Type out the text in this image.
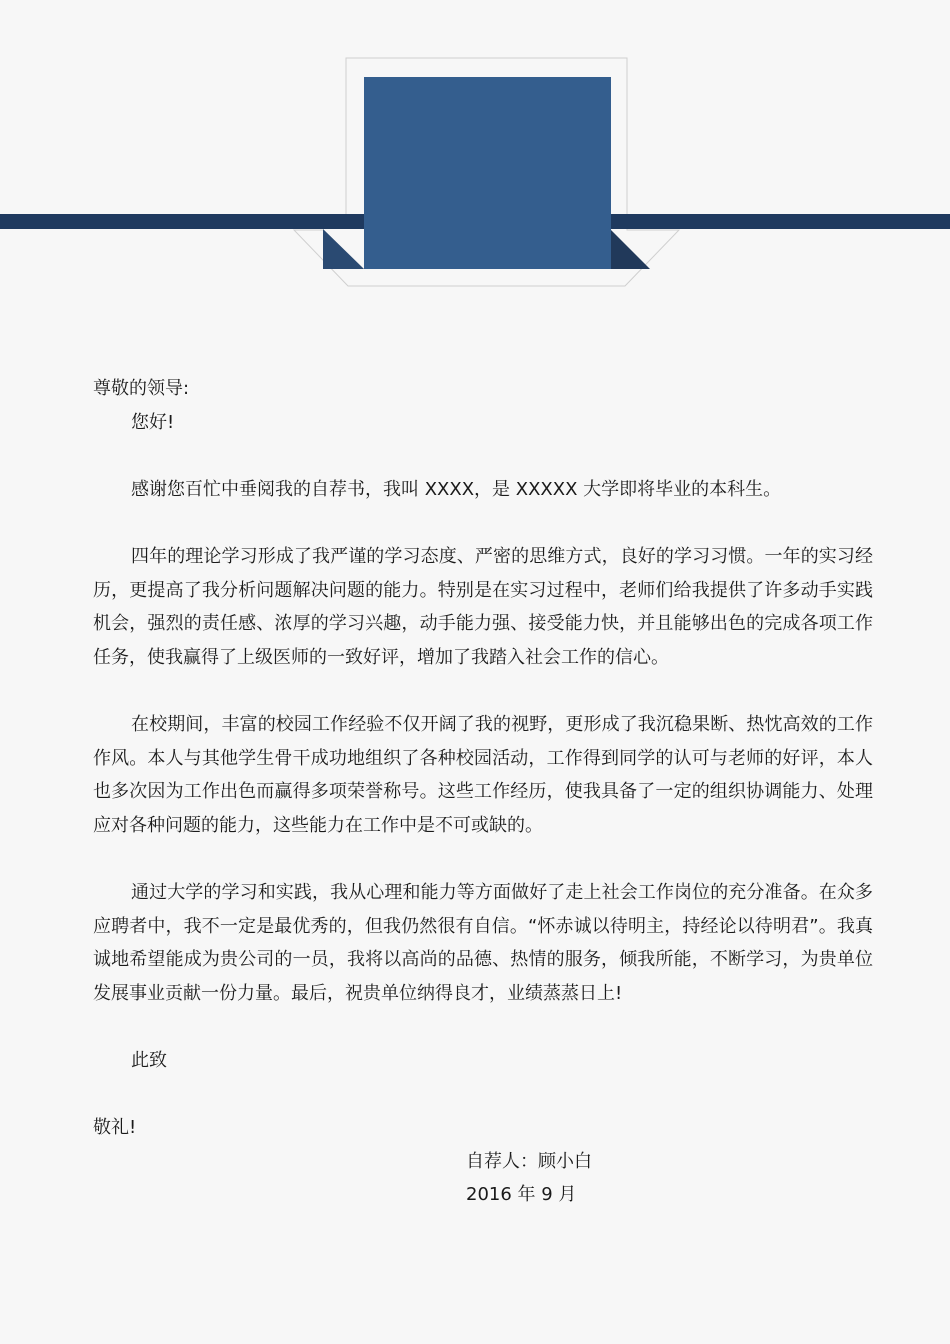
尊敬的领导:

您好!

感谢您百忙中垂阅我的自荐书，我叫 XXXX，是 XXXXX 大学即将毕业的本科生。

四年的理论学习形成了我严谨的学习态度、严密的思维方式，良好的学习习惯。一年的实习经历，更提高了我分析问题解决问题的能力。特别是在实习过程中，老师们给我提供了许多动手实践机会，强烈的责任感、浓厚的学习兴趣，动手能力强、接受能力快，并且能够出色的完成各项工作任务，使我赢得了上级医师的一致好评，增加了我踏入社会工作的信心。

在校期间，丰富的校园工作经验不仅开阔了我的视野，更形成了我沉稳果断、热忱高效的工作作风。本人与其他学生骨干成功地组织了各种校园活动，工作得到同学的认可与老师的好评，本人也多次因为工作出色而赢得多项荣誉称号。这些工作经历，使我具备了一定的组织协调能力、处理应对各种问题的能力，这些能力在工作中是不可或缺的。

通过大学的学习和实践，我从心理和能力等方面做好了走上社会工作岗位的充分准备。在众多应聘者中，我不一定是最优秀的，但我仍然很有自信。“怀赤诚以待明主，持经论以待明君”。我真诚地希望能成为贵公司的一员，我将以高尚的品德、热情的服务，倾我所能，不断学习，为贵单位发展事业贡献一份力量。最后，祝贵单位纳得良才，业绩蒸蒸日上!

此致

敬礼!

自荐人：顾小白

2016 年 9 月
